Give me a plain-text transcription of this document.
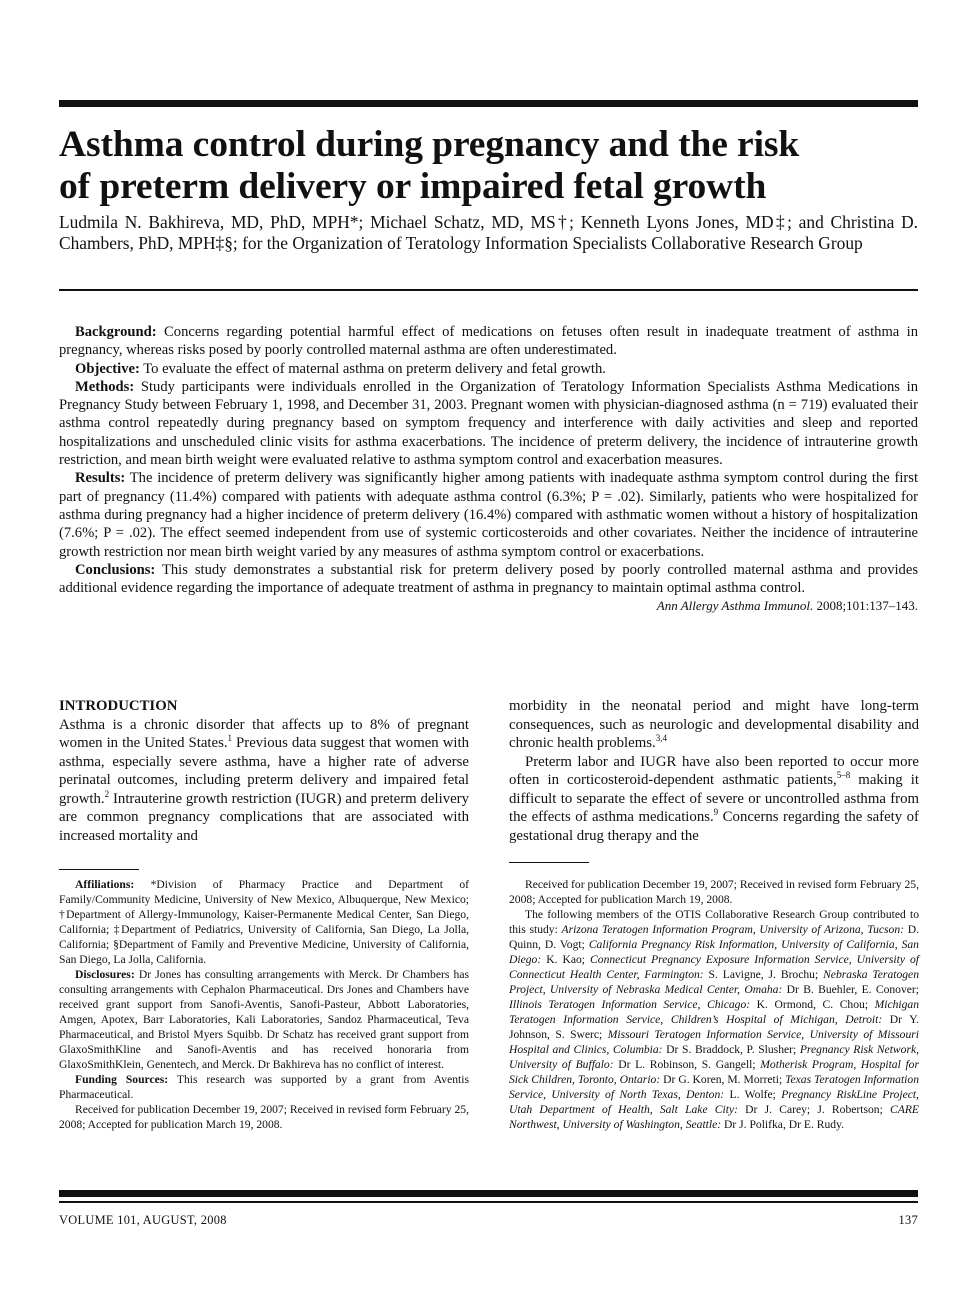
Asthma control during pregnancy and the risk
of preterm delivery or impaired fetal growth

Ludmila N. Bakhireva, MD, PhD, MPH*; Michael Schatz, MD, MS†; Kenneth Lyons Jones, MD‡; and Christina D. Chambers, PhD, MPH‡§; for the Organization of Teratology Information Specialists Collaborative Research Group

Background: Concerns regarding potential harmful effect of medications on fetuses often result in inadequate treatment of asthma in pregnancy, whereas risks posed by poorly controlled maternal asthma are often underestimated.

Objective: To evaluate the effect of maternal asthma on preterm delivery and fetal growth.

Methods: Study participants were individuals enrolled in the Organization of Teratology Information Specialists Asthma Medications in Pregnancy Study between February 1, 1998, and December 31, 2003. Pregnant women with physician-diagnosed asthma (n = 719) evaluated their asthma control repeatedly during pregnancy based on symptom frequency and interference with daily activities and sleep and reported hospitalizations and unscheduled clinic visits for asthma exacerbations. The incidence of preterm delivery, the incidence of intrauterine growth restriction, and mean birth weight were evaluated relative to asthma symptom control and exacerbation measures.

Results: The incidence of preterm delivery was significantly higher among patients with inadequate asthma symptom control during the first part of pregnancy (11.4%) compared with patients with adequate asthma control (6.3%; P = .02). Similarly, patients who were hospitalized for asthma during pregnancy had a higher incidence of preterm delivery (16.4%) compared with asthmatic women without a history of hospitalization (7.6%; P = .02). The effect seemed independent from use of systemic corticosteroids and other covariates. Neither the incidence of intrauterine growth restriction nor mean birth weight varied by any measures of asthma symptom control or exacerbations.

Conclusions: This study demonstrates a substantial risk for preterm delivery posed by poorly controlled maternal asthma and provides additional evidence regarding the importance of adequate treatment of asthma in pregnancy to maintain optimal asthma control.

Ann Allergy Asthma Immunol. 2008;101:137–143.

INTRODUCTION

Asthma is a chronic disorder that affects up to 8% of pregnant women in the United States.$^1$ Previous data suggest that women with asthma, especially severe asthma, have a higher rate of adverse perinatal outcomes, including preterm delivery and impaired fetal growth.$^2$ Intrauterine growth restriction (IUGR) and preterm delivery are common pregnancy complications that are associated with increased mortality and

morbidity in the neonatal period and might have long-term consequences, such as neurologic and developmental disability and chronic health problems.$^{3,4}$

Preterm labor and IUGR have also been reported to occur more often in corticosteroid-dependent asthmatic patients,$^{5-8}$ making it difficult to separate the effect of severe or uncontrolled asthma from the effects of asthma medications.$^9$ Concerns regarding the safety of gestational drug therapy and the

Affiliations: *Division of Pharmacy Practice and Department of Family/Community Medicine, University of New Mexico, Albuquerque, New Mexico; †Department of Allergy-Immunology, Kaiser-Permanente Medical Center, San Diego, California; ‡Department of Pediatrics, University of California, San Diego, La Jolla, California; §Department of Family and Preventive Medicine, University of California, San Diego, La Jolla, California.

Disclosures: Dr Jones has consulting arrangements with Merck. Dr Chambers has consulting arrangements with Cephalon Pharmaceutical. Drs Jones and Chambers have received grant support from Sanofi-Aventis, Sanofi-Pasteur, Abbott Laboratories, Amgen, Apotex, Barr Laboratories, Kali Laboratories, Sandoz Pharmaceutical, Teva Pharmaceutical, and Bristol Myers Squibb. Dr Schatz has received grant support from GlaxoSmithKline and Sanofi-Aventis and has received honoraria from GlaxoSmithKlein, Genentech, and Merck. Dr Bakhireva has no conflict of interest.

Funding Sources: This research was supported by a grant from Aventis Pharmaceutical.

Received for publication December 19, 2007; Received in revised form February 25, 2008; Accepted for publication March 19, 2008.

Received for publication December 19, 2007; Received in revised form February 25, 2008; Accepted for publication March 19, 2008.

The following members of the OTIS Collaborative Research Group contributed to this study: Arizona Teratogen Information Program, University of Arizona, Tucson: D. Quinn, D. Vogt; California Pregnancy Risk Information, University of California, San Diego: K. Kao; Connecticut Pregnancy Exposure Information Service, University of Connecticut Health Center, Farmington: S. Lavigne, J. Brochu; Nebraska Teratogen Project, University of Nebraska Medical Center, Omaha: Dr B. Buehler, E. Conover; Illinois Teratogen Information Service, Chicago: K. Ormond, C. Chou; Michigan Teratogen Information Service, Children’s Hospital of Michigan, Detroit: Dr Y. Johnson, S. Swerc; Missouri Teratogen Information Service, University of Missouri Hospital and Clinics, Columbia: Dr S. Braddock, P. Slusher; Pregnancy Risk Network, University of Buffalo: Dr L. Robinson, S. Gangell; Motherisk Program, Hospital for Sick Children, Toronto, Ontario: Dr G. Koren, M. Morreti; Texas Teratogen Information Service, University of North Texas, Denton: L. Wolfe; Pregnancy RiskLine Project, Utah Department of Health, Salt Lake City: Dr J. Carey; J. Robertson; CARE Northwest, University of Washington, Seattle: Dr J. Polifka, Dr E. Rudy.

VOLUME 101, AUGUST, 2008	137
